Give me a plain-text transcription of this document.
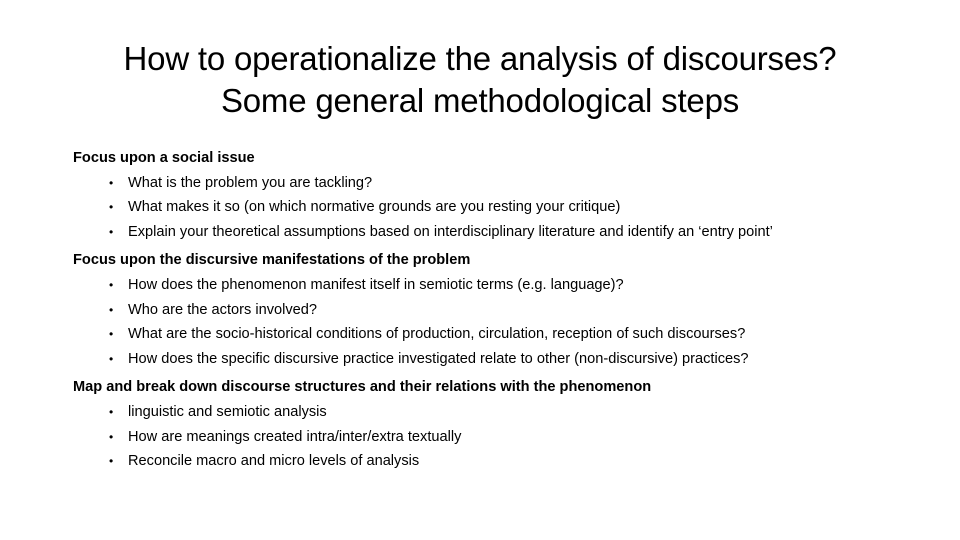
How to operationalize the analysis of discourses?
Some general methodological steps
Focus upon a social issue
• What is the problem you are tackling?
• What makes it so (on which normative grounds are you resting your critique)
• Explain your theoretical assumptions based on interdisciplinary literature and identify an ‘entry point’
Focus upon the discursive manifestations of the problem
• How does the phenomenon manifest itself in semiotic terms (e.g. language)?
• Who are the actors involved?
• What are the socio-historical conditions of production, circulation, reception of such discourses?
• How does the specific discursive practice investigated relate to other (non-discursive) practices?
Map and break down discourse structures and their relations with the phenomenon
• linguistic and semiotic analysis
• How are meanings created intra/inter/extra textually
• Reconcile macro and micro levels of analysis
